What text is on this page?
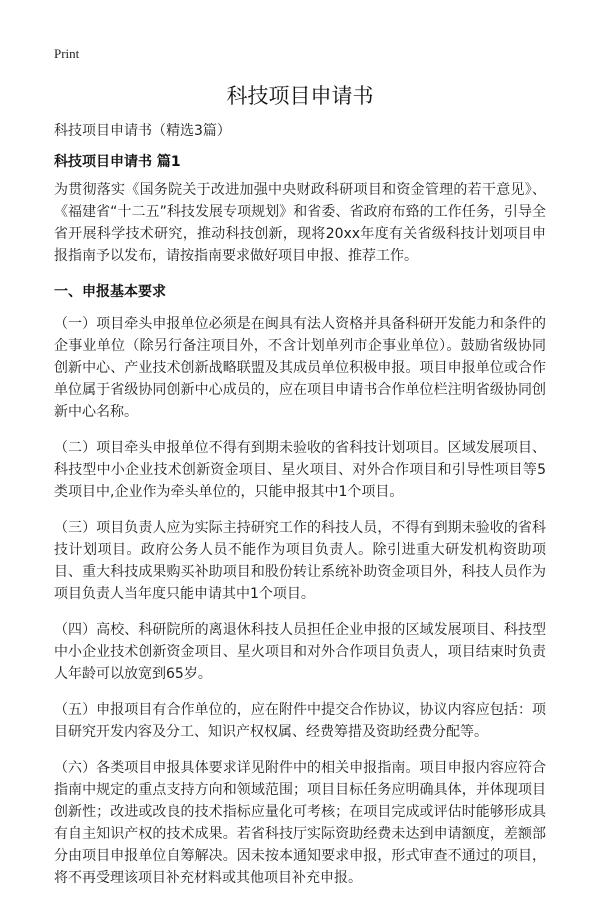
Print
科技项目申请书

科技项目申请书（精选3篇）

科技项目申请书 篇1

为贯彻落实《国务院关于改进加强中央财政科研项目和资金管理的若干意见》、《福建省“十二五”科技发展专项规划》和省委、省政府布臵的工作任务，引导全省开展科学技术研究，推动科技创新，现将20xx年度有关省级科技计划项目申报指南予以发布，请按指南要求做好项目申报、推荐工作。

一、申报基本要求

（一）项目牵头申报单位必须是在闽具有法人资格并具备科研开发能力和条件的企事业单位（除另行备注项目外，不含计划单列市企事业单位）。鼓励省级协同创新中心、产业技术创新战略联盟及其成员单位积极申报。项目申报单位或合作单位属于省级协同创新中心成员的，应在项目申请书合作单位栏注明省级协同创新中心名称。

（二）项目牵头申报单位不得有到期未验收的省科技计划项目。区域发展项目、科技型中小企业技术创新资金项目、星火项目、对外合作项目和引导性项目等5类项目中,企业作为牵头单位的，只能申报其中1个项目。

（三）项目负责人应为实际主持研究工作的科技人员，不得有到期未验收的省科技计划项目。政府公务人员不能作为项目负责人。除引进重大研发机构资助项目、重大科技成果购买补助项目和股份转让系统补助资金项目外，科技人员作为项目负责人当年度只能申请其中1个项目。

（四）高校、科研院所的离退休科技人员担任企业申报的区域发展项目、科技型中小企业技术创新资金项目、星火项目和对外合作项目负责人，项目结束时负责人年龄可以放宽到65岁。

（五）申报项目有合作单位的，应在附件中提交合作协议，协议内容应包括：项目研究开发内容及分工、知识产权权属、经费筹措及资助经费分配等。

（六）各类项目申报具体要求详见附件中的相关申报指南。项目申报内容应符合指南中规定的重点支持方向和领域范围；项目目标任务应明确具体，并体现项目创新性；改进或改良的技术指标应量化可考核；在项目完成或评估时能够形成具有自主知识产权的技术成果。若省科技厅实际资助经费未达到申请额度，差额部分由项目申报单位自筹解决。因未按本通知要求申报，形式审查不通过的项目，将不再受理该项目补充材料或其他项目补充申报。
